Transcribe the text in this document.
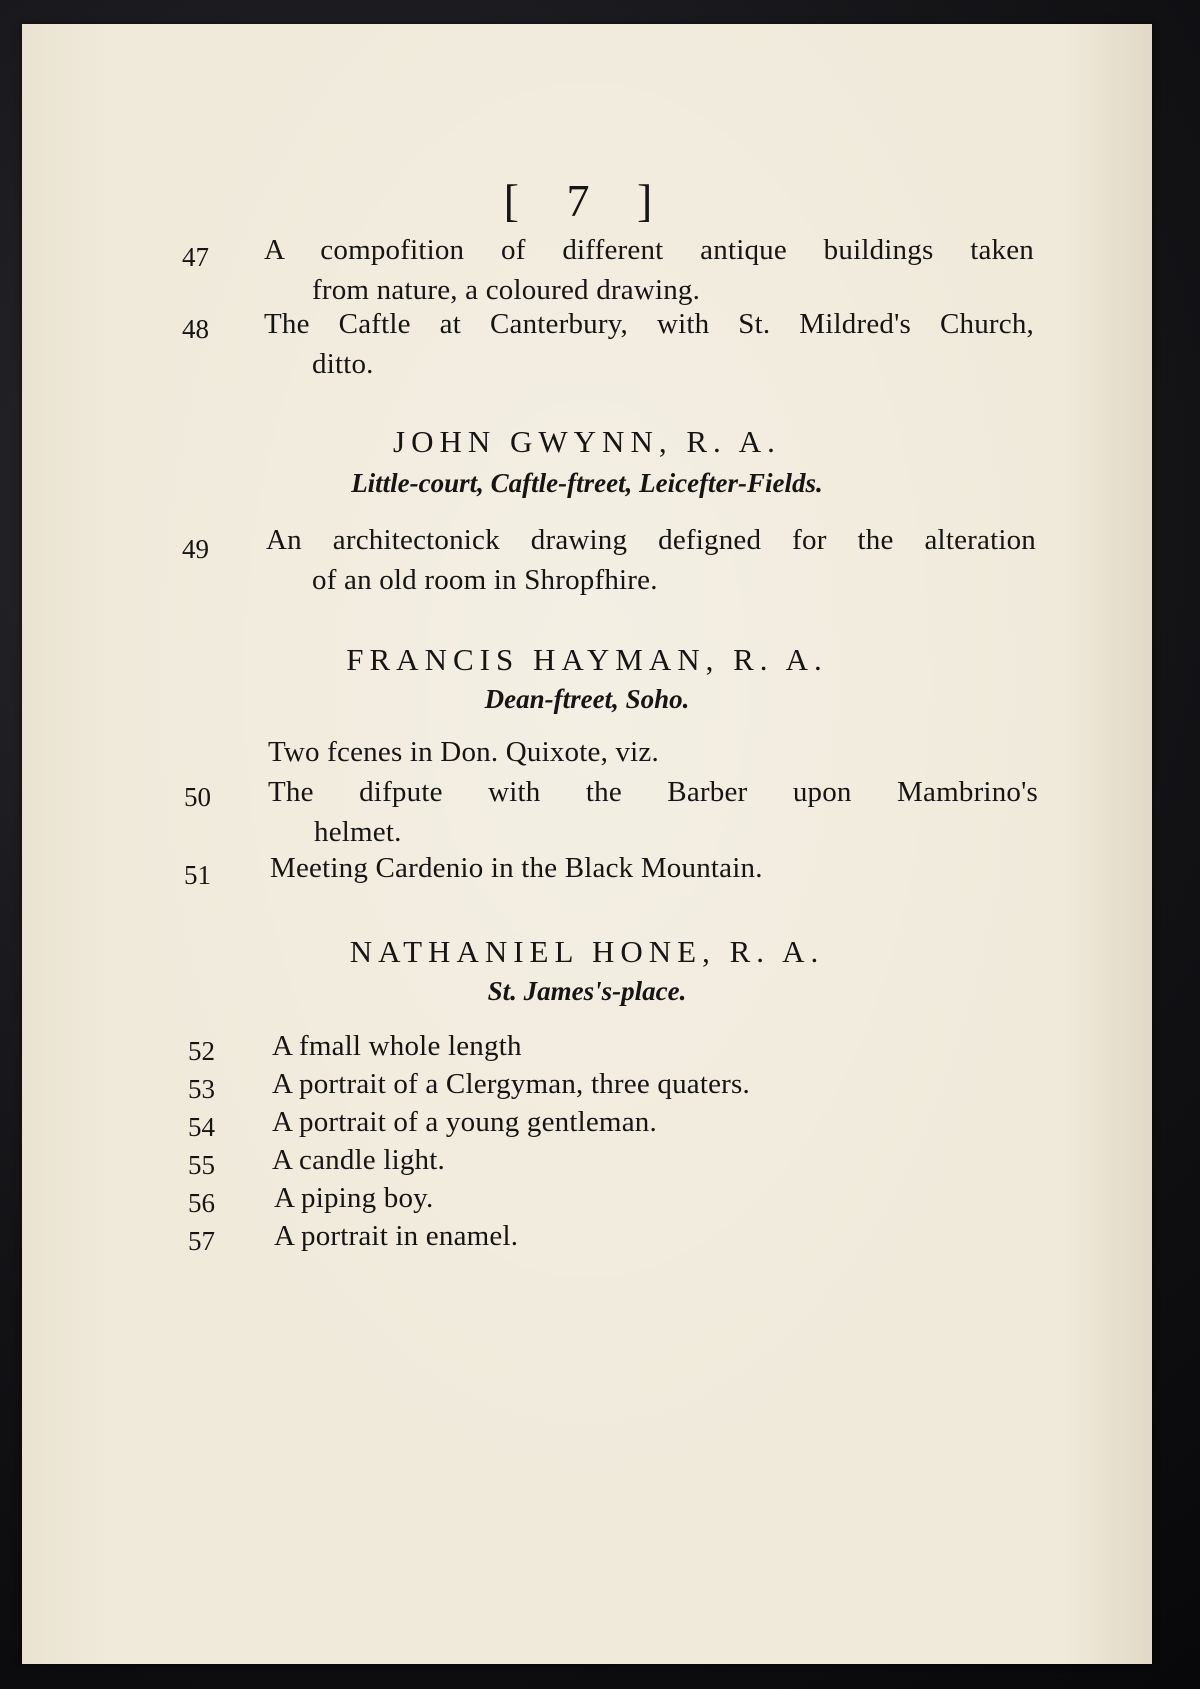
[ 7 ]
47 A compofition of different antique buildings taken
from nature, a coloured drawing.
48 The Caftle at Canterbury, with St. Mildred's Church,
ditto.
JOHN GWYNN, R. A.
Little-court, Caftle-ftreet, Leicefter-Fields.
49 An architectonick drawing defigned for the alteration
of an old room in Shropfhire.
FRANCIS HAYMAN, R. A.
Dean-ftreet, Soho.
Two fcenes in Don. Quixote, viz.
50 The difpute with the Barber upon Mambrino's
helmet.
51 Meeting Cardenio in the Black Mountain.
NATHANIEL HONE, R. A.
St. James's-place.
52 A fmall whole length
53 A portrait of a Clergyman, three quaters.
54 A portrait of a young gentleman.
55 A candle light.
56 A piping boy.
57 A portrait in enamel.
